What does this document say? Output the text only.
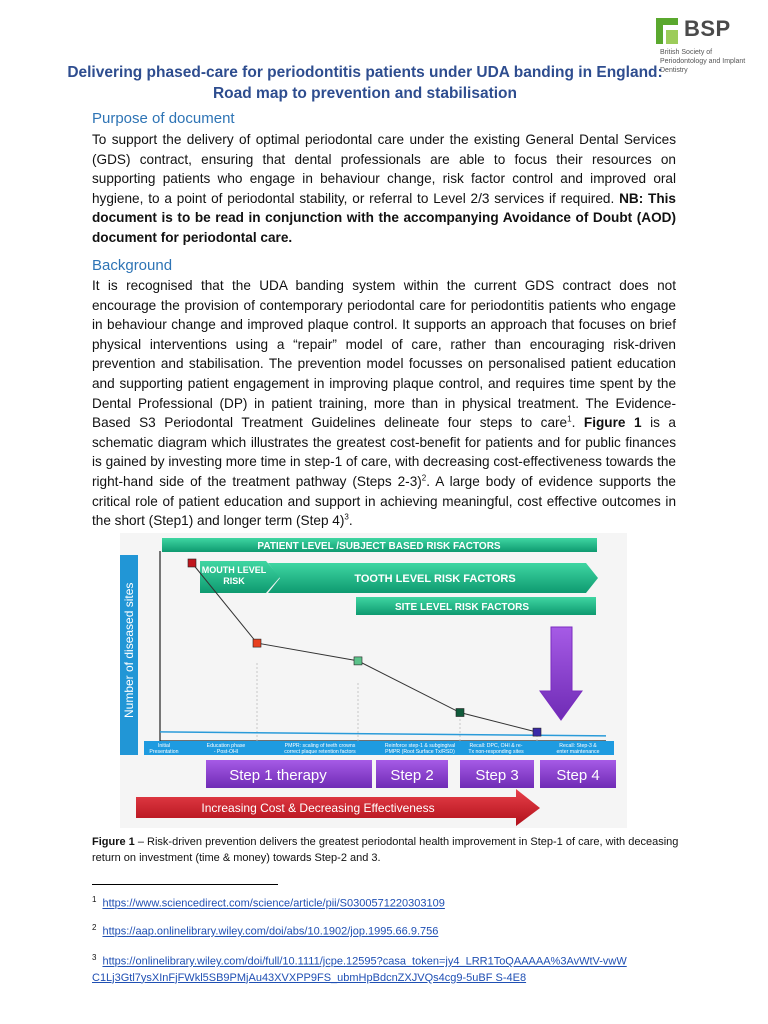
BSP
British Society of Periodontology and Implant Dentistry
Delivering phased-care for periodontitis patients under UDA banding in England: Road map to prevention and stabilisation
Purpose of document
To support the delivery of optimal periodontal care under the existing General Dental Services (GDS) contract, ensuring that dental professionals are able to focus their resources on supporting patients who engage in behaviour change, risk factor control and improved oral hygiene, to a point of periodontal stability, or referral to Level 2/3 services if required. NB: This document is to be read in conjunction with the accompanying Avoidance of Doubt (AOD) document for periodontal care.
Background
It is recognised that the UDA banding system within the current GDS contract does not encourage the provision of contemporary periodontal care for periodontitis patients who engage in behaviour change and improved plaque control. It supports an approach that focuses on brief physical interventions using a “repair” model of care, rather than encouraging risk-driven prevention and stabilisation. The prevention model focusses on personalised patient education and supporting patient engagement in improving plaque control, and requires time spent by the Dental Professional (DP) in patient training, more than in physical treatment. The Evidence-Based S3 Periodontal Treatment Guidelines delineate four steps to care$^1$. Figure 1 is a schematic diagram which illustrates the greatest cost-benefit for patients and for public finances is gained by investing more time in step-1 of care, with decreasing cost-effectiveness towards the right-hand side of the treatment pathway (Steps 2-3)$^2$. A large body of evidence supports the critical role of patient education and support in achieving meaningful, cost effective outcomes in the short (Step1) and longer term (Step 4)$^3$.
PATIENT LEVEL /SUBJECT BASED RISK FACTORS
MOUTH LEVEL
RISK	TOOTH LEVEL RISK FACTORS
SITE LEVEL RISK FACTORS
Number of diseased sites
Initial
Presentation
Education phase
- Post-OHI
PMPR: scaling of teeth crowns
correct plaque retention factors
Reinforce step-1 & subgingival
PMPR (Root Surface Tx/RSD)
Recall: DPC, OHI & re-
Tx non-responding sites
Recall: Step-3 &
enter maintenance
Step 1 therapy	Step 2	Step 3	Step 4
Increasing Cost & Decreasing Effectiveness
Figure 1 – Risk-driven prevention delivers the greatest periodontal health improvement in Step-1 of care, with deceasing return on investment (time & money) towards Step-2 and 3.
$^1$ https://www.sciencedirect.com/science/article/pii/S0300571220303109
$^2$ https://aap.onlinelibrary.wiley.com/doi/abs/10.1902/jop.1995.66.9.756
$^3$ https://onlinelibrary.wiley.com/doi/full/10.1111/jcpe.12595?casa_token=jy4_LRR1ToQAAAAA%3AvWtV-vwWC1Lj3Gtl7ysXInFjFWkl5SB9PMjAu43XVXPP9FS_ubmHpBdcnZXJVQs4cg9-5uBF S-4E8
